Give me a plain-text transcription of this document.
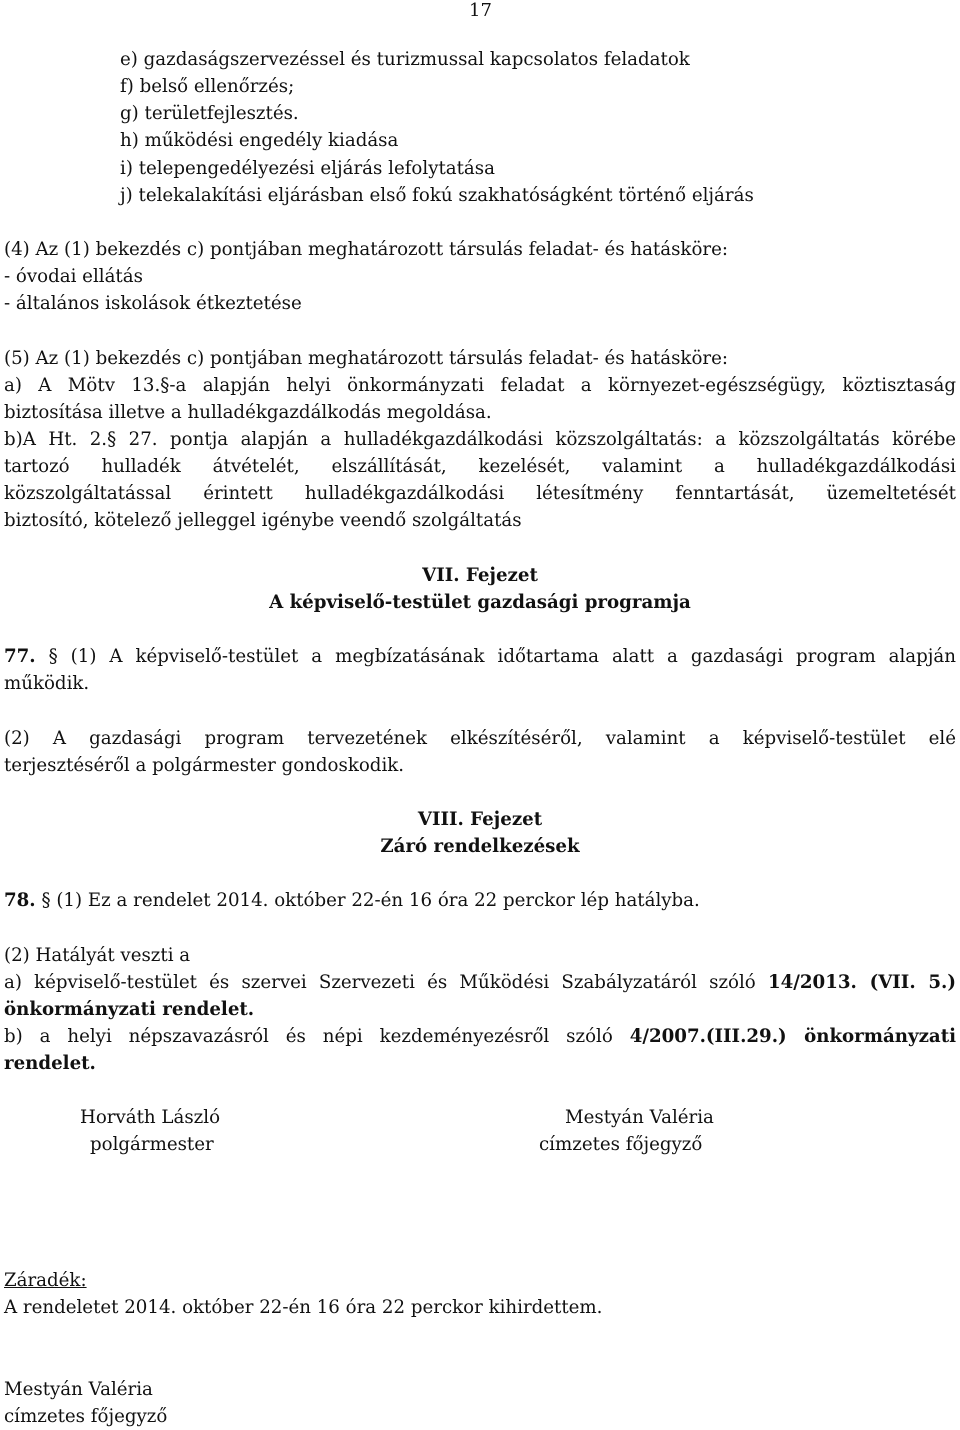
17
e) gazdaságszervezéssel és turizmussal kapcsolatos feladatok
f) belső ellenőrzés;
g) területfejlesztés.
h) működési engedély kiadása
i) telepengedélyezési eljárás lefolytatása
j) telekalakítási eljárásban első fokú szakhatóságként történő eljárás
(4) Az (1) bekezdés c) pontjában meghatározott társulás feladat- és hatásköre:
- óvodai ellátás
- általános iskolások étkeztetése
(5) Az (1) bekezdés c) pontjában meghatározott társulás feladat- és hatásköre:
a) A Mötv 13.§-a alapján helyi önkormányzati feladat a környezet-egészségügy, köztisztaság
biztosítása illetve a hulladékgazdálkodás megoldása.
b)A Ht. 2.§ 27. pontja alapján a hulladékgazdálkodási közszolgáltatás: a közszolgáltatás körébe
tartozó hulladék átvételét, elszállítását, kezelését, valamint a hulladékgazdálkodási
közszolgáltatással érintett hulladékgazdálkodási létesítmény fenntartását, üzemeltetését
biztosító, kötelező jelleggel igénybe veendő szolgáltatás
VII. Fejezet
A képviselő-testület gazdasági programja
77. § (1) A képviselő-testület a megbízatásának időtartama alatt a gazdasági program alapján
működik.
(2) A gazdasági program tervezetének elkészítéséről, valamint a képviselő-testület elé
terjesztéséről a polgármester gondoskodik.
VIII. Fejezet
Záró rendelkezések
78. § (1) Ez a rendelet 2014. október 22-én 16 óra 22 perckor lép hatályba.
(2) Hatályát veszti a
a) képviselő-testület és szervei Szervezeti és Működési Szabályzatáról szóló 14/2013. (VII. 5.)
önkormányzati rendelet.
b) a helyi népszavazásról és népi kezdeményezésről szóló 4/2007.(III.29.) önkormányzati
rendelet.
Horváth László
polgármester
Mestyán Valéria
címzetes főjegyző
Záradék:
A rendeletet 2014. október 22-én 16 óra 22 perckor kihirdettem.
Mestyán Valéria
címzetes főjegyző
